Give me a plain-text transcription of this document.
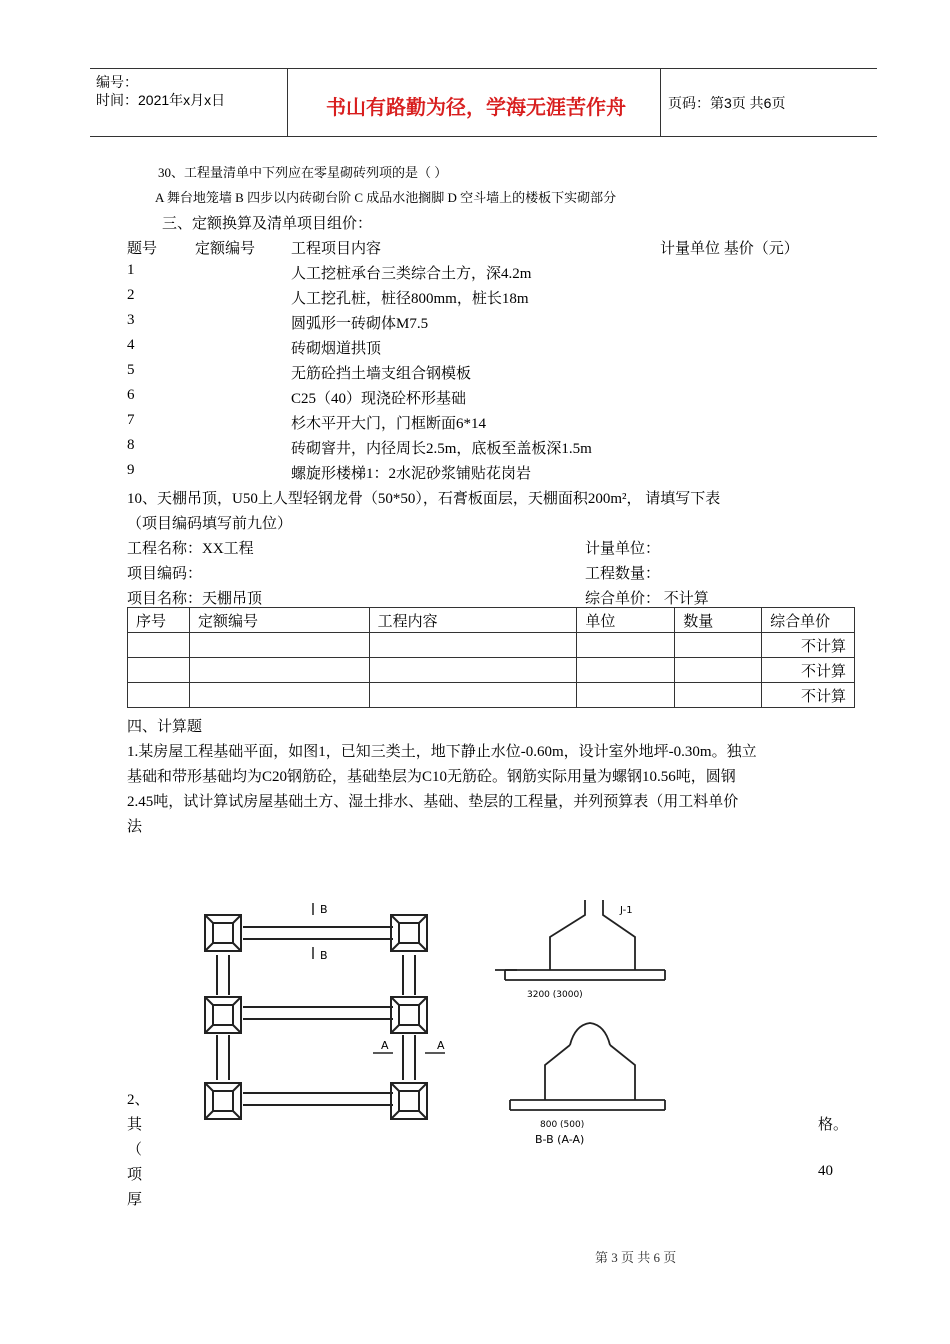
编号：
时间：2021年x月x日	书山有路勤为径，学海无涯苦作舟	页码：第3页 共6页
30、工程量清单中下列应在零星砌砖列项的是（ ）
A 舞台地笼墙 B 四步以内砖砌台阶 C 成品水池搁脚 D 空斗墙上的楼板下实砌部分
三、定额换算及清单项目组价：
题号	定额编号 工程项目内容	计量单位 基价（元）
1	人工挖桩承台三类综合土方，深4.2m
2	人工挖孔桩，桩径800mm，桩长18m
3	圆弧形一砖砌体M7.5
4	砖砌烟道拱顶
5	无筋砼挡土墙支组合钢模板
6	C25（40）现浇砼杯形基础
7	杉木平开大门，门框断面6*14
8	砖砌窨井，内径周长2.5m，底板至盖板深1.5m
9	螺旋形楼梯1：2水泥砂浆铺贴花岗岩
10、天棚吊顶，U50上人型轻钢龙骨（50*50），石膏板面层，天棚面积200m²， 请填写下表
（项目编码填写前九位）
工程名称：XX工程	计量单位：
项目编码：	工程数量：
项目名称：天棚吊顶	综合单价： 不计算
序号	定额编号	工程内容	单位	数量	综合单价
					不计算
					不计算
					不计算
四、计算题
1.某房屋工程基础平面，如图1，已知三类土，地下静止水位-0.60m，设计室外地坪-0.30m。独立
基础和带形基础均为C20钢筋砼，基础垫层为C10无筋砼。钢筋实际用量为螺钢10.56吨，圆钢
2.45吨，试计算试房屋基础土方、湿土排水、基础、垫层的工程量，并列预算表（用工料单价
法
2、
其
（
项
厚
格。
40
B
B
A	A
J-1
3200 (3000)
B-B (A-A)
800 (500)
第 3 页 共 6 页
